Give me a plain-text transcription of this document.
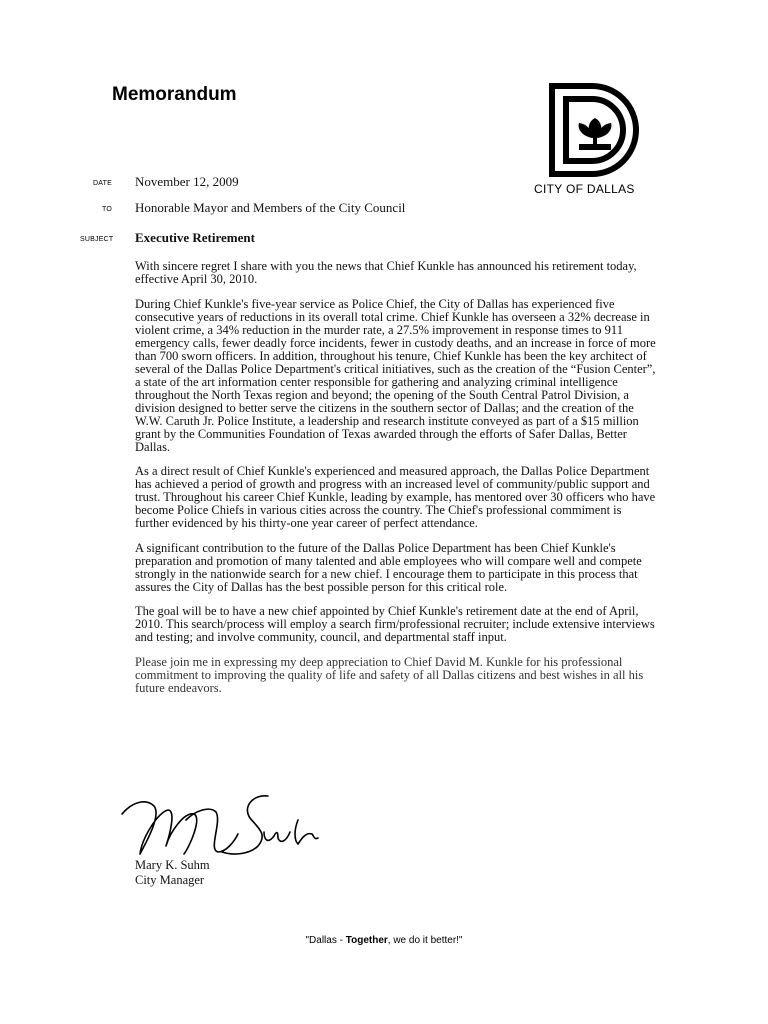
Memorandum
CITY OF DALLAS
DATE November 12, 2009
TO Honorable Mayor and Members of the City Council
SUBJECT Executive Retirement

With sincere regret I share with you the news that Chief Kunkle has announced his retirement today, effective April 30, 2010.

During Chief Kunkle's five-year service as Police Chief, the City of Dallas has experienced five consecutive years of reductions in its overall total crime. Chief Kunkle has overseen a 32% decrease in violent crime, a 34% reduction in the murder rate, a 27.5% improvement in response times to 911 emergency calls, fewer deadly force incidents, fewer in custody deaths, and an increase in force of more than 700 sworn officers. In addition, throughout his tenure, Chief Kunkle has been the key architect of several of the Dallas Police Department's critical initiatives, such as the creation of the “Fusion Center”, a state of the art information center responsible for gathering and analyzing criminal intelligence throughout the North Texas region and beyond; the opening of the South Central Patrol Division, a division designed to better serve the citizens in the southern sector of Dallas; and the creation of the W.W. Caruth Jr. Police Institute, a leadership and research institute conveyed as part of a $15 million grant by the Communities Foundation of Texas awarded through the efforts of Safer Dallas, Better Dallas.

As a direct result of Chief Kunkle's experienced and measured approach, the Dallas Police Department has achieved a period of growth and progress with an increased level of community/public support and trust. Throughout his career Chief Kunkle, leading by example, has mentored over 30 officers who have become Police Chiefs in various cities across the country. The Chief's professional commiment is further evidenced by his thirty-one year career of perfect attendance.

A significant contribution to the future of the Dallas Police Department has been Chief Kunkle's preparation and promotion of many talented and able employees who will compare well and compete strongly in the nationwide search for a new chief. I encourage them to participate in this process that assures the City of Dallas has the best possible person for this critical role.

The goal will be to have a new chief appointed by Chief Kunkle's retirement date at the end of April, 2010. This search/process will employ a search firm/professional recruiter; include extensive interviews and testing; and involve community, council, and departmental staff input.

Please join me in expressing my deep appreciation to Chief David M. Kunkle for his professional commitment to improving the quality of life and safety of all Dallas citizens and best wishes in all his future endeavors.

Mary K. Suhm
City Manager
"Dallas - Together, we do it better!"
